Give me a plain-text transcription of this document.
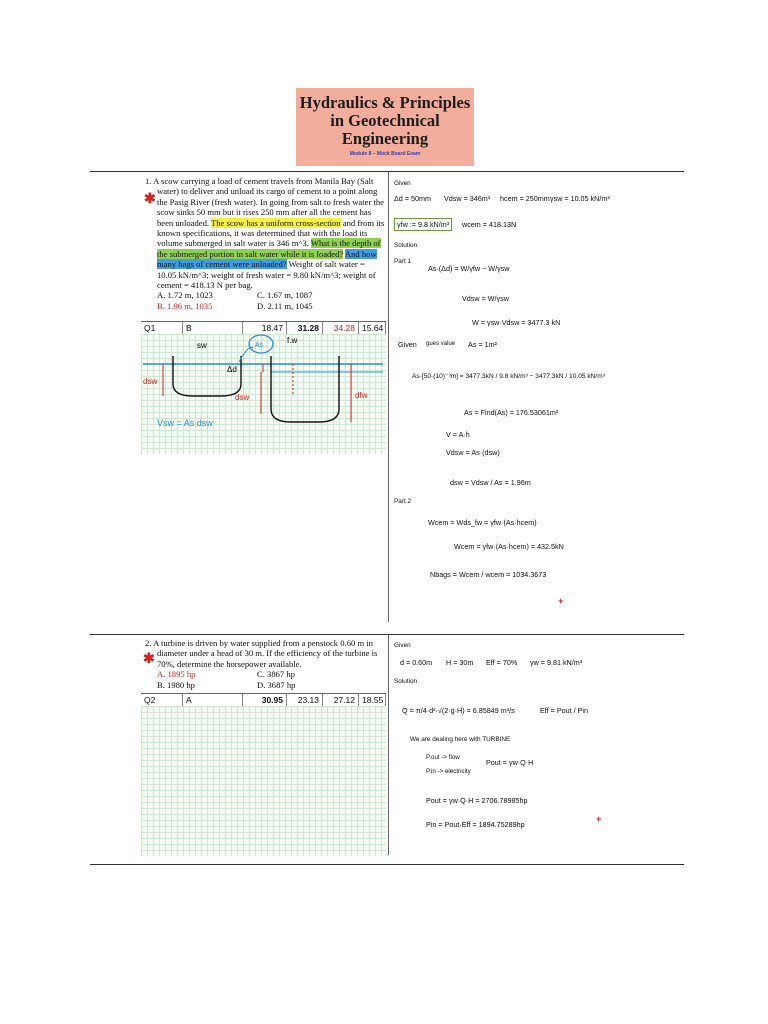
Hydraulics & Principles
in Geotechnical
Engineering
Module 8 – Mock Board Exam
✱
1. A scow carrying a load of cement travels from Manila Bay (Salt water) to deliver and unload its cargo of cement to a point along the Pasig River (fresh water). In going from salt to fresh water the scow sinks 50 mm but it rises 250 mm after all the cement has been unloaded. The scow has a uniform cross-section and from its known specifications, it was determined that with the load its volume submerged in salt water is 346 m^3. What is the depth of the submerged portion in salt water while it is loaded? And how many bags of cement were unloaded? Weight of salt water = 10.05 kN/m^3; weight of fresh water = 9.80 kN/m^3; weight of cement = 418.13 N per bag.
A. 1.72 m, 1023	C. 1.67 m, 1087
B. 1.96 m, 1035	D. 2.11 m, 1045
Q1	B	18.47	31.28	34.28 15.64
sw
f.w
As
Δd
dsw
dsw	dfw
Vsw = As dsw
Given
Δd = 50mm Vdsw = 346m³ hcem = 250mm γsw = 10.05 kN/m³
γfw := 9.8 kN/m³	wcem = 418.13N
Solution
Part 1
As·(Δd) = W/γfw − W/γsw
Vdsw = W/γsw
W = γsw·Vdsw = 3477.3 kN
Given gues value As = 1m²
As·[50·(10)⁻³m] = 3477.3kN / 9.8 kN/m³ − 3477.3kN / 10.05 kN/m³
As = Find(As) = 176.53061m²
V = A·h
Vdsw = As·(dsw)
dsw = Vdsw / As = 1.96m
Part 2
Wcem = Wds_fw = γfw·(As·hcem)
Wcem = γfw·(As·hcem) = 432.5kN
Nbags = Wcem / wcem = 1034.3673
+
✱
2. A turbine is driven by water supplied from a penstock 0.60 m in diameter under a head of 30 m. If the efficiency of the turbine is 70%, determine the horsepower available.
A. 1895 hp	C. 3867 hp
B. 1980 hp	D. 3687 hp
Q2	A	30.95	23.13	27.12 18.55
Given
d = 0.60m H = 30m Eff = 70% γw = 9.81 kN/m³
Solution
Q = π/4·d²·√(2·g·H) = 6.85849 m³/s	Eff = Pout / Pin
We are dealing here with TURBINE
P.out -> flow
P.in -> electricity
Pout = γw·Q·H
Pout = γw·Q·H = 2706.78985hp
Pin = Pout·Eff = 1894.75289hp
+
